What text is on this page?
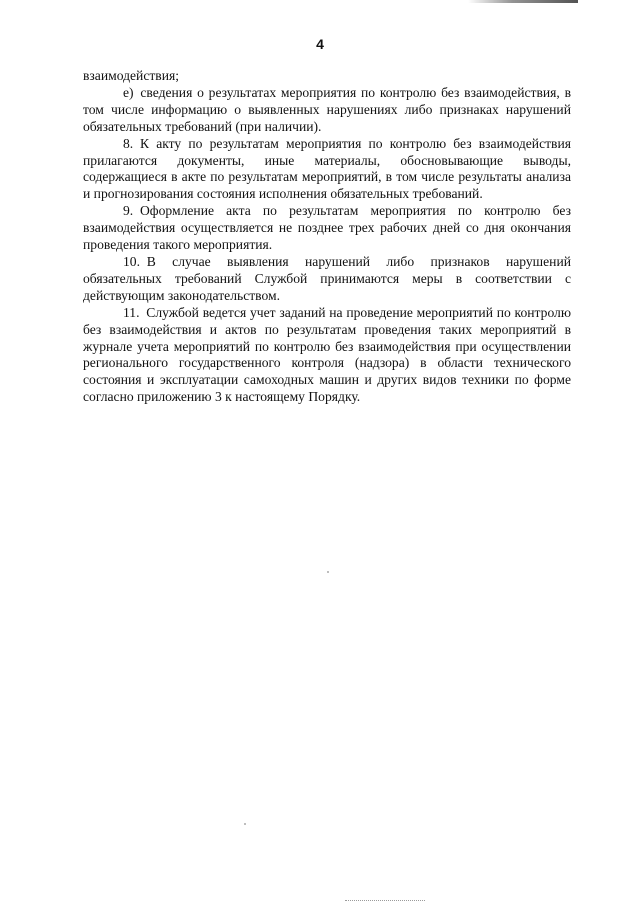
4

взаимодействия;

е) сведения о результатах мероприятия по контролю без взаимодействия, в том числе информацию о выявленных нарушениях либо признаках нарушений обязательных требований (при наличии).

8. К акту по результатам мероприятия по контролю без взаимодействия прилагаются документы, иные материалы, обосновывающие выводы, содержащиеся в акте по результатам мероприятий, в том числе результаты анализа и прогнозирования состояния исполнения обязательных требований.

9. Оформление акта по результатам мероприятия по контролю без взаимодействия осуществляется не позднее трех рабочих дней со дня окончания проведения такого мероприятия.

10. В случае выявления нарушений либо признаков нарушений обязательных требований Службой принимаются меры в соответствии с действующим законодательством.

11. Службой ведется учет заданий на проведение мероприятий по контролю без взаимодействия и актов по результатам проведения таких мероприятий в журнале учета мероприятий по контролю без взаимодействия при осуществлении регионального государственного контроля (надзора) в области технического состояния и эксплуатации самоходных машин и других видов техники по форме согласно приложению 3 к настоящему Порядку.
